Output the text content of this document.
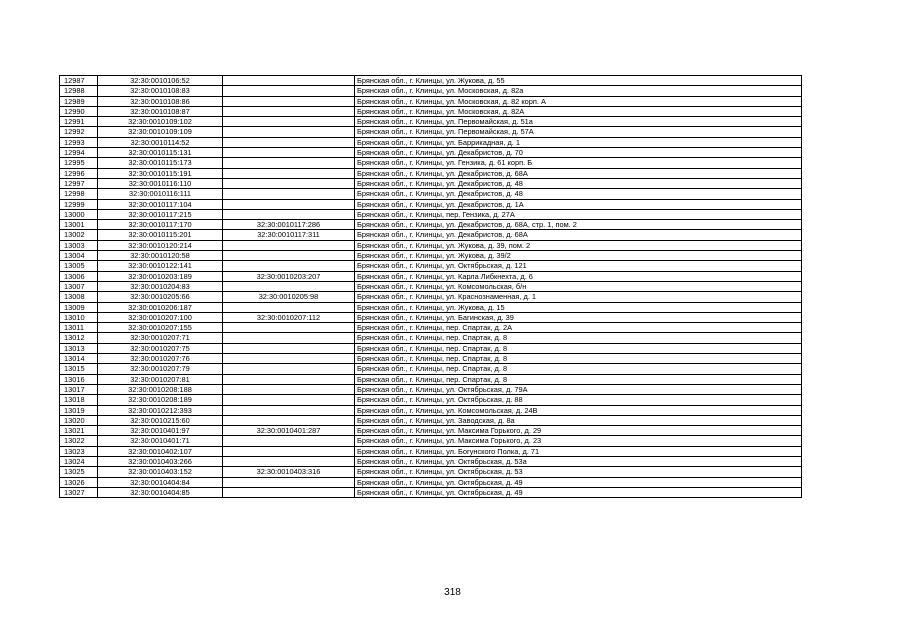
12987	32:30:0010106:52		Брянская обл., г. Клинцы, ул. Жукова, д. 55
12988	32:30:0010108:83		Брянская обл., г. Клинцы, ул. Московская, д. 82а
12989	32:30:0010108:86		Брянская обл., г. Клинцы, ул. Московская, д. 82 корп. А
12990	32:30:0010108:87		Брянская обл., г. Клинцы, ул. Московская, д. 82А
12991	32:30:0010109:102		Брянская обл., г. Клинцы, ул. Первомайская, д. 51а
12992	32:30:0010109:109		Брянская обл., г. Клинцы, ул. Первомайская, д. 57А
12993	32:30:0010114:52		Брянская обл., г. Клинцы, ул. Баррикадная, д. 1
12994	32:30:0010115:131		Брянская обл., г. Клинцы, ул. Декабристов, д. 70
12995	32:30:0010115:173		Брянская обл., г. Клинцы, ул. Гензика, д. 61 корп. Б
12996	32:30:0010115:191		Брянская обл., г. Клинцы, ул. Декабристов, д. 68А
12997	32:30:0010116:110		Брянская обл., г. Клинцы, ул. Декабристов, д. 48
12998	32:30:0010116:111		Брянская обл., г. Клинцы, ул. Декабристов, д. 48
12999	32:30:0010117:104		Брянская обл., г. Клинцы, ул. Декабристов, д. 1А
13000	32:30:0010117:215		Брянская обл., г. Клинцы, пер. Гензика, д. 27А
13001	32:30:0010117:170	32:30:0010117:286	Брянская обл., г. Клинцы, ул. Декабристов, д. 68А, стр. 1, пом. 2
13002	32:30:0010115:201	32:30:0010117:311	Брянская обл., г. Клинцы, ул. Декабристов, д. 68А
13003	32:30:0010120:214		Брянская обл., г. Клинцы, ул. Жукова, д. 39, пом. 2
13004	32:30:0010120:58		Брянская обл., г. Клинцы, ул. Жукова, д. 39/2
13005	32:30:0010122:141		Брянская обл., г. Клинцы, ул. Октябрьская, д. 121
13006	32:30:0010203:189	32:30:0010203:207	Брянская обл., г. Клинцы, ул. Карла Либкнехта, д. 6
13007	32:30:0010204:83		Брянская обл., г. Клинцы, ул. Комсомольская, б/н
13008	32:30:0010205:66	32:30:0010205:98	Брянская обл., г. Клинцы, ул. Краснознаменная, д. 1
13009	32:30:0010206:187		Брянская обл., г. Клинцы, ул. Жукова, д. 15
13010	32:30:0010207:100	32:30:0010207:112	Брянская обл., г. Клинцы, ул. Багинская, д. 39
13011	32:30:0010207:155		Брянская обл., г. Клинцы, пер. Спартак, д. 2А
13012	32:30:0010207:71		Брянская обл., г. Клинцы, пер. Спартак, д. 8
13013	32:30:0010207:75		Брянская обл., г. Клинцы, пер. Спартак, д. 8
13014	32:30:0010207:76		Брянская обл., г. Клинцы, пер. Спартак, д. 8
13015	32:30:0010207:79		Брянская обл., г. Клинцы, пер. Спартак, д. 8
13016	32:30:0010207:81		Брянская обл., г. Клинцы, пер. Спартак, д. 8
13017	32:30:0010208:188		Брянская обл., г. Клинцы, ул. Октябрьская, д. 79А
13018	32:30:0010208:189		Брянская обл., г. Клинцы, ул. Октябрьская, д. 88
13019	32:30:0010212:393		Брянская обл., г. Клинцы, ул. Комсомольская, д. 24В
13020	32:30:0010215:60		Брянская обл., г. Клинцы, ул. Заводская, д. 8а
13021	32:30:0010401:97	32:30:0010401:287	Брянская обл., г. Клинцы, ул. Максима Горького, д. 29
13022	32:30:0010401:71		Брянская обл., г. Клинцы, ул. Максима Горького, д. 23
13023	32:30:0010402:107		Брянская обл., г. Клинцы, ул. Богунского Полка, д. 71
13024	32:30:0010403:266		Брянская обл., г. Клинцы, ул. Октябрьская, д. 53а
13025	32:30:0010403:152	32:30:0010403:316	Брянская обл., г. Клинцы, ул. Октябрьская, д. 53
13026	32:30:0010404:84		Брянская обл., г. Клинцы, ул. Октябрьская, д. 49
13027	32:30:0010404:85		Брянская обл., г. Клинцы, ул. Октябрьская, д. 49
318
